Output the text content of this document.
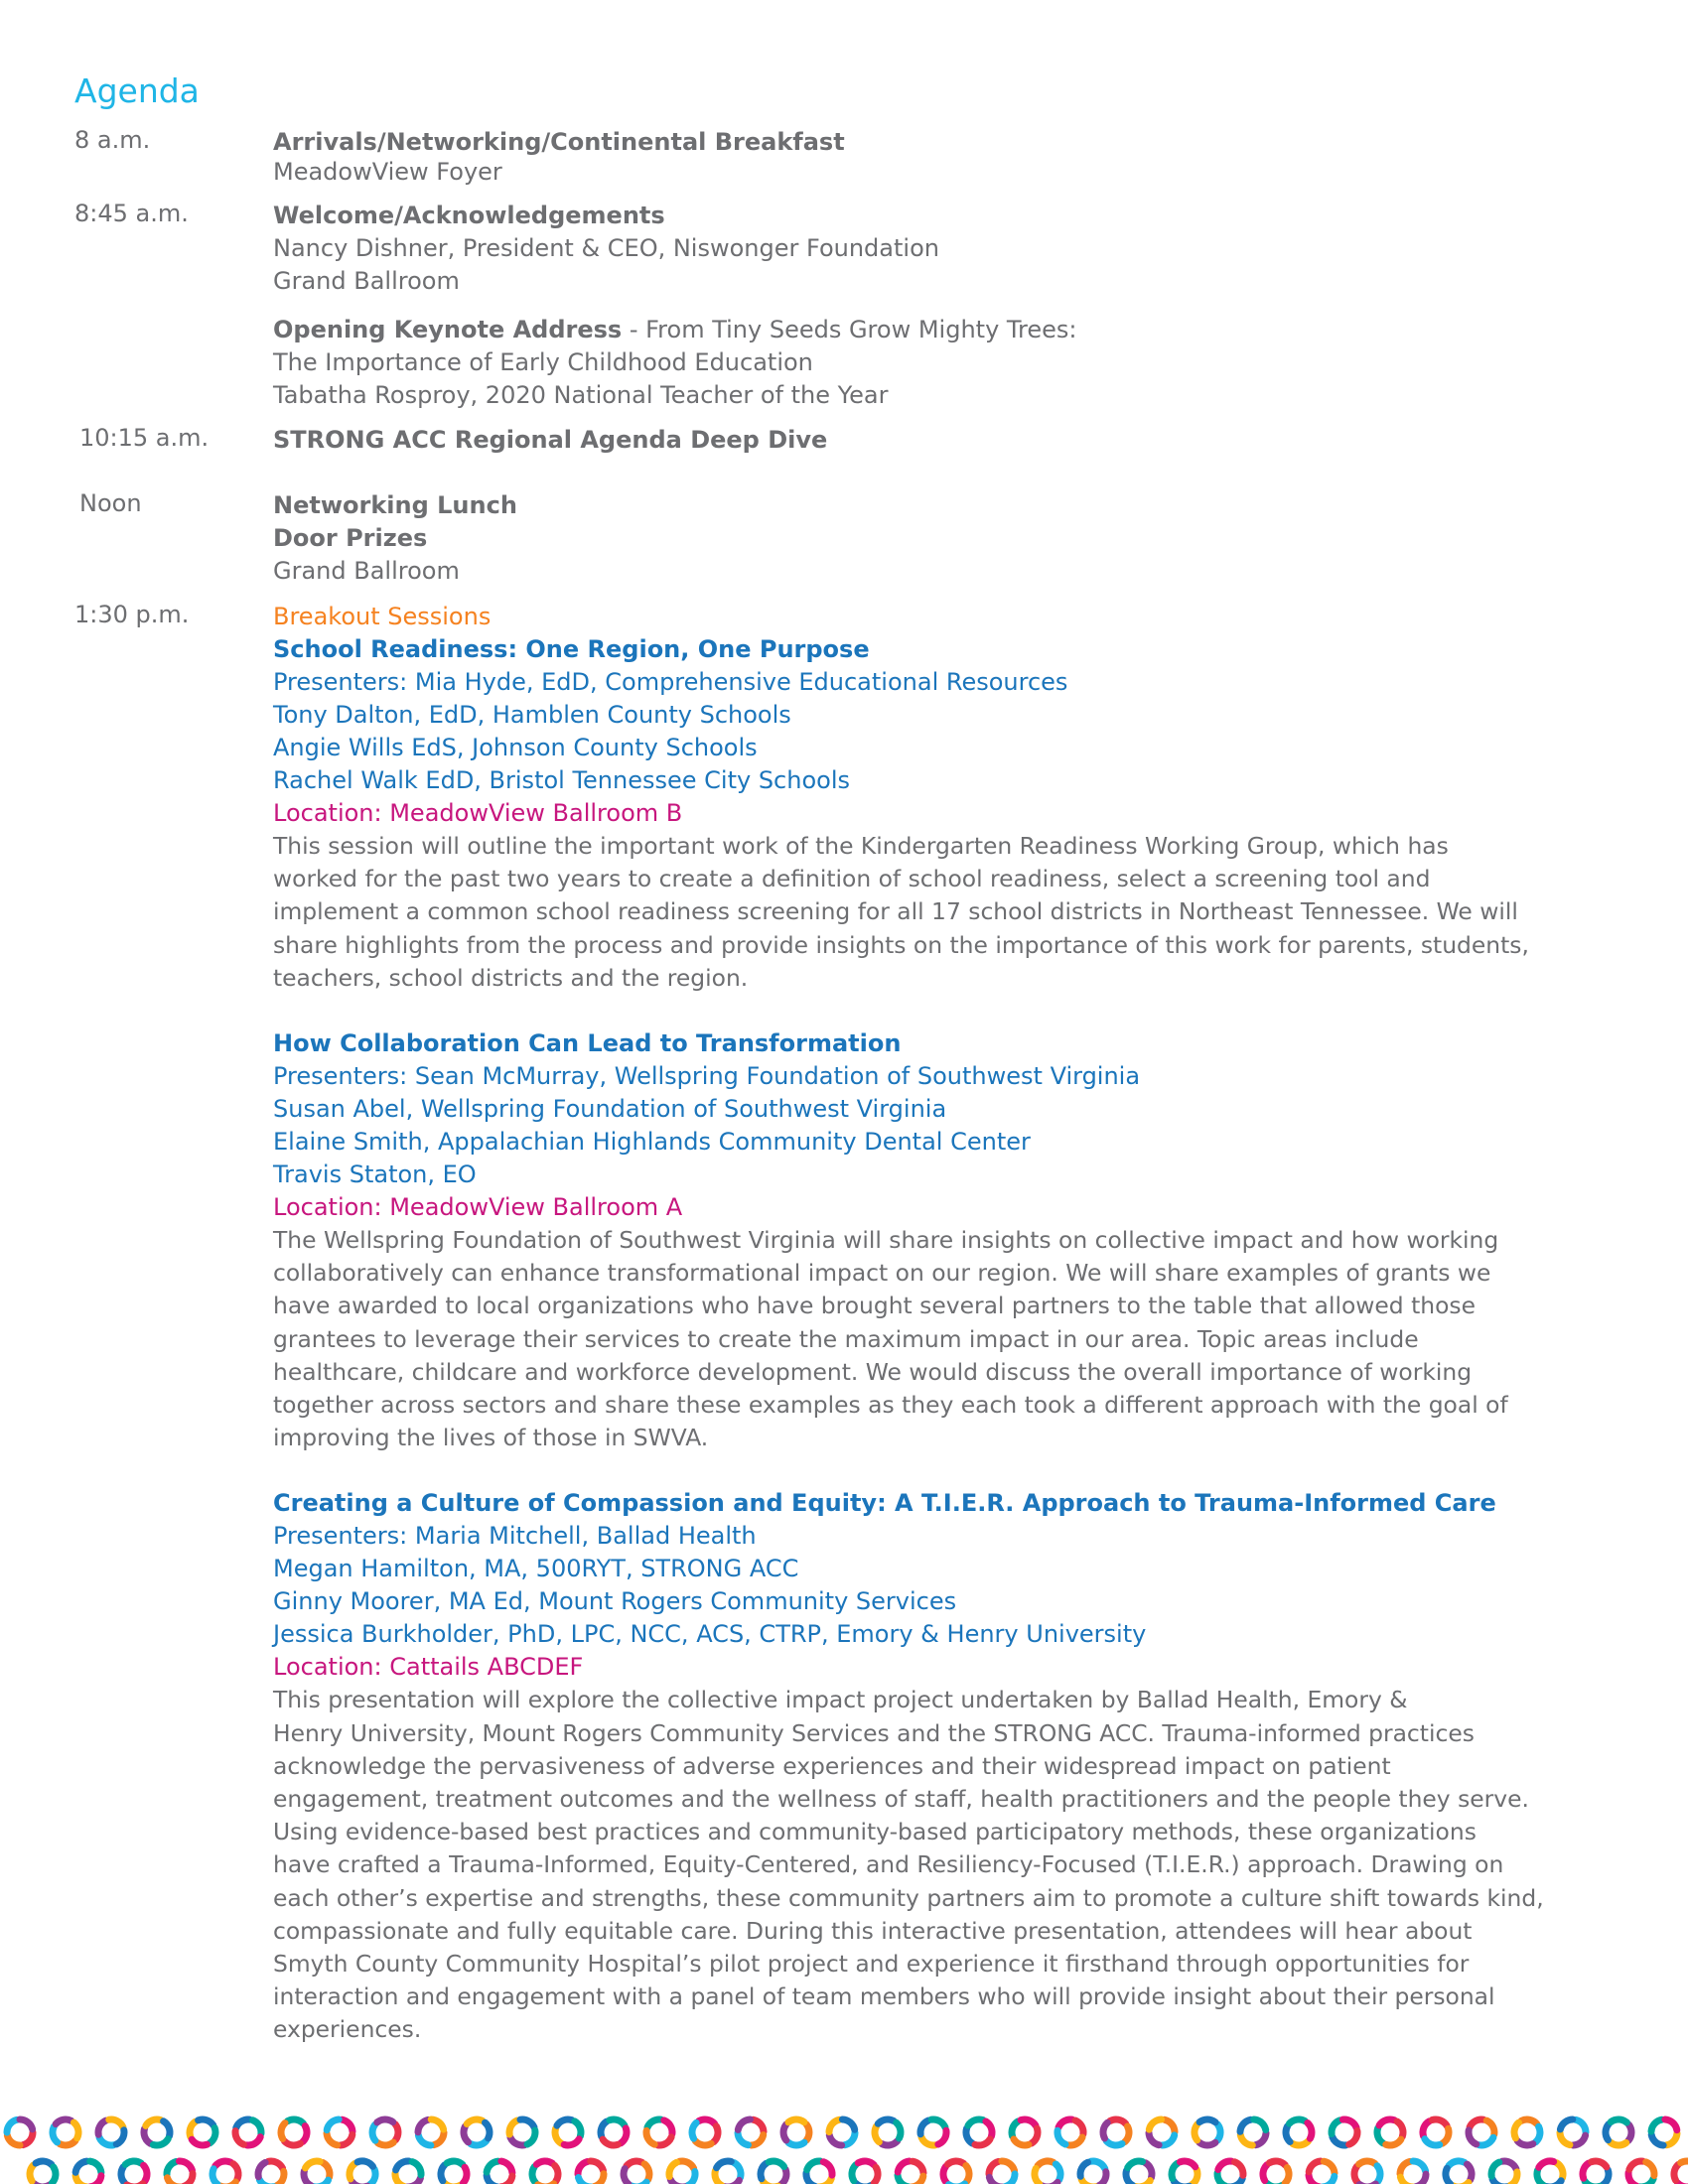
Agenda
8 a.m.	Arrivals/Networking/Continental Breakfast
MeadowView Foyer
8:45 a.m.	Welcome/Acknowledgements
Nancy Dishner, President & CEO, Niswonger Foundation
Grand Ballroom
Opening Keynote Address - From Tiny Seeds Grow Mighty Trees:
The Importance of Early Childhood Education
Tabatha Rosproy, 2020 National Teacher of the Year
10:15 a.m.	STRONG ACC Regional Agenda Deep Dive
Noon	Networking Lunch
Door Prizes
Grand Ballroom
1:30 p.m.	Breakout Sessions
School Readiness: One Region, One Purpose
Presenters: Mia Hyde, EdD, Comprehensive Educational Resources
Tony Dalton, EdD, Hamblen County Schools
Angie Wills EdS, Johnson County Schools
Rachel Walk EdD, Bristol Tennessee City Schools
Location: MeadowView Ballroom B
This session will outline the important work of the Kindergarten Readiness Working Group, which has
worked for the past two years to create a definition of school readiness, select a screening tool and
implement a common school readiness screening for all 17 school districts in Northeast Tennessee. We will
share highlights from the process and provide insights on the importance of this work for parents, students,
teachers, school districts and the region.
How Collaboration Can Lead to Transformation
Presenters: Sean McMurray, Wellspring Foundation of Southwest Virginia
Susan Abel, Wellspring Foundation of Southwest Virginia
Elaine Smith, Appalachian Highlands Community Dental Center
Travis Staton, EO
Location: MeadowView Ballroom A
The Wellspring Foundation of Southwest Virginia will share insights on collective impact and how working
collaboratively can enhance transformational impact on our region. We will share examples of grants we
have awarded to local organizations who have brought several partners to the table that allowed those
grantees to leverage their services to create the maximum impact in our area. Topic areas include
healthcare, childcare and workforce development. We would discuss the overall importance of working
together across sectors and share these examples as they each took a different approach with the goal of
improving the lives of those in SWVA.
Creating a Culture of Compassion and Equity: A T.I.E.R. Approach to Trauma-Informed Care
Presenters: Maria Mitchell, Ballad Health
Megan Hamilton, MA, 500RYT, STRONG ACC
Ginny Moorer, MA Ed, Mount Rogers Community Services
Jessica Burkholder, PhD, LPC, NCC, ACS, CTRP, Emory & Henry University
Location: Cattails ABCDEF
This presentation will explore the collective impact project undertaken by Ballad Health, Emory &
Henry University, Mount Rogers Community Services and the STRONG ACC. Trauma-informed practices
acknowledge the pervasiveness of adverse experiences and their widespread impact on patient
engagement, treatment outcomes and the wellness of staff, health practitioners and the people they serve.
Using evidence-based best practices and community-based participatory methods, these organizations
have crafted a Trauma-Informed, Equity-Centered, and Resiliency-Focused (T.I.E.R.) approach. Drawing on
each other’s expertise and strengths, these community partners aim to promote a culture shift towards kind,
compassionate and fully equitable care. During this interactive presentation, attendees will hear about
Smyth County Community Hospital’s pilot project and experience it firsthand through opportunities for
interaction and engagement with a panel of team members who will provide insight about their personal
experiences.
